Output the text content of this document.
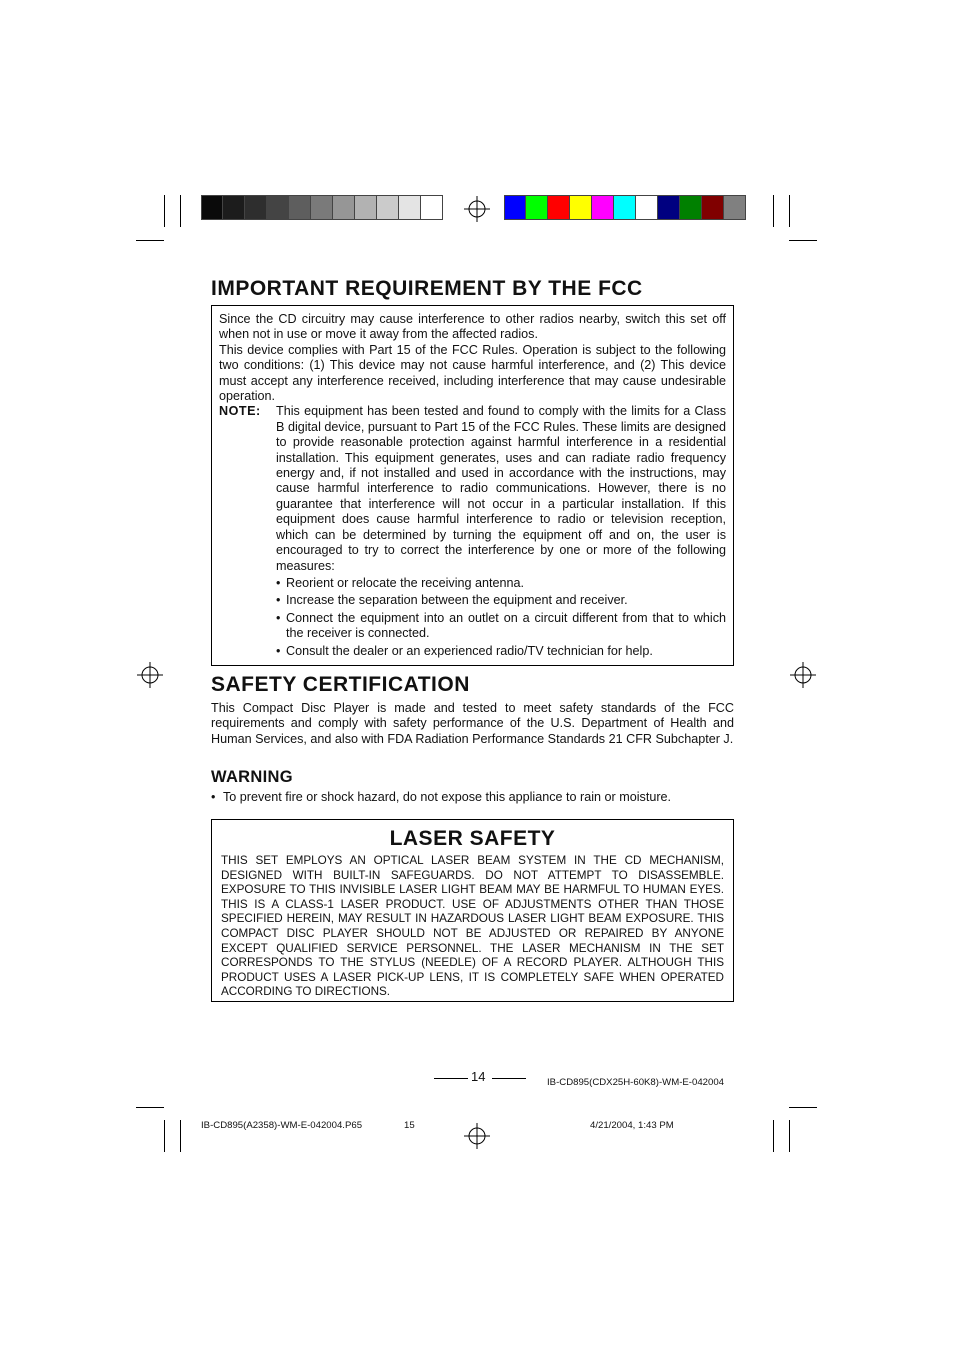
IMPORTANT REQUIREMENT BY THE FCC

Since the CD circuitry may cause interference to other radios nearby, switch this set off when not in use or move it away from the affected radios.

This device complies with Part 15 of the FCC Rules. Operation is subject to the following two conditions: (1) This device may not cause harmful interference, and (2) This device must accept any interference received, including interference that may cause undesirable operation.

NOTE:	This equipment has been tested and found to comply with the limits for a Class B digital device, pursuant to Part 15 of the FCC Rules. These limits are designed to provide reasonable protection against harmful interference in a residential installation. This equipment generates, uses and can radiate radio frequency energy and, if not installed and used in accordance with the instructions, may cause harmful interference to radio communications. However, there is no guarantee that interference will not occur in a particular installation. If this equipment does cause harmful interference to radio or television reception, which can be determined by turning the equipment off and on, the user is encouraged to try to correct the interference by one or more of the following measures:

• Reorient or relocate the receiving antenna.
• Increase the separation between the equipment and receiver.
• Connect the equipment into an outlet on a circuit different from that to which the receiver is connected.
• Consult the dealer or an experienced radio/TV technician for help.
SAFETY CERTIFICATION

This Compact Disc Player is made and tested to meet safety standards of the FCC requirements and comply with safety performance of the U.S. Department of Health and Human Services, and also with FDA Radiation Performance Standards 21 CFR Subchapter J.

WARNING
• To prevent fire or shock hazard, do not expose this appliance to rain or moisture.
LASER SAFETY

THIS SET EMPLOYS AN OPTICAL LASER BEAM SYSTEM IN THE CD MECHANISM, DESIGNED WITH BUILT-IN SAFEGUARDS. DO NOT ATTEMPT TO DISASSEMBLE. EXPOSURE TO THIS INVISIBLE LASER LIGHT BEAM MAY BE HARMFUL TO HUMAN EYES. THIS IS A CLASS-1 LASER PRODUCT. USE OF ADJUSTMENTS OTHER THAN THOSE SPECIFIED HEREIN, MAY RESULT IN HAZARDOUS LASER LIGHT BEAM EXPOSURE. THIS COMPACT DISC PLAYER SHOULD NOT BE ADJUSTED OR REPAIRED BY ANYONE EXCEPT QUALIFIED SERVICE PERSONNEL. THE LASER MECHANISM IN THE SET CORRESPONDS TO THE STYLUS (NEEDLE) OF A RECORD PLAYER. ALTHOUGH THIS PRODUCT USES A LASER PICK-UP LENS, IT IS COMPLETELY SAFE WHEN OPERATED ACCORDING TO DIRECTIONS.

14	IB-CD895(CDX25H-60K8)-WM-E-042004
IB-CD895(A2358)-WM-E-042004.P65	15	4/21/2004, 1:43 PM
